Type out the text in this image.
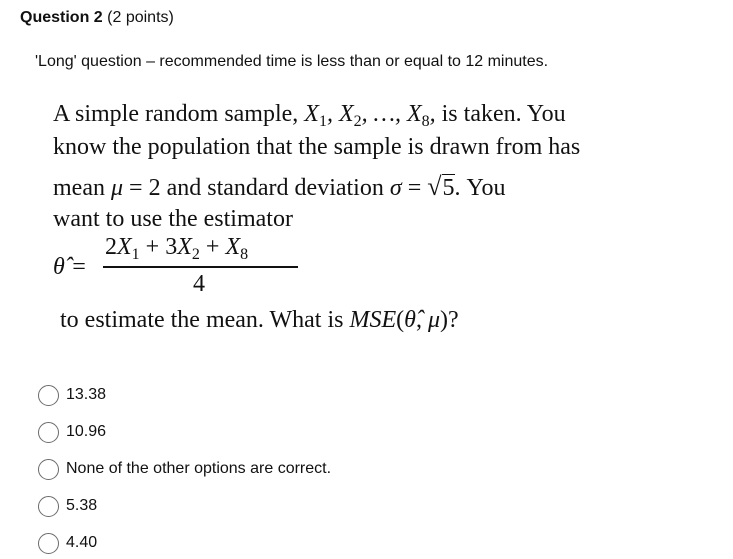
Question 2 (2 points)
'Long' question – recommended time is less than or equal to 12 minutes.
A simple random sample, $X_1$, $X_2$, …, $X_8$, is taken. You
know the population that the sample is drawn from has
mean μ = 2 and standard deviation σ = √5. You
want to use the estimator
θ̂ =
$2X_1 + 3X_2 + X_8$
4
to estimate the mean. What is MSE(θ̂, μ)?
13.38
10.96
None of the other options are correct.
5.38
4.40
